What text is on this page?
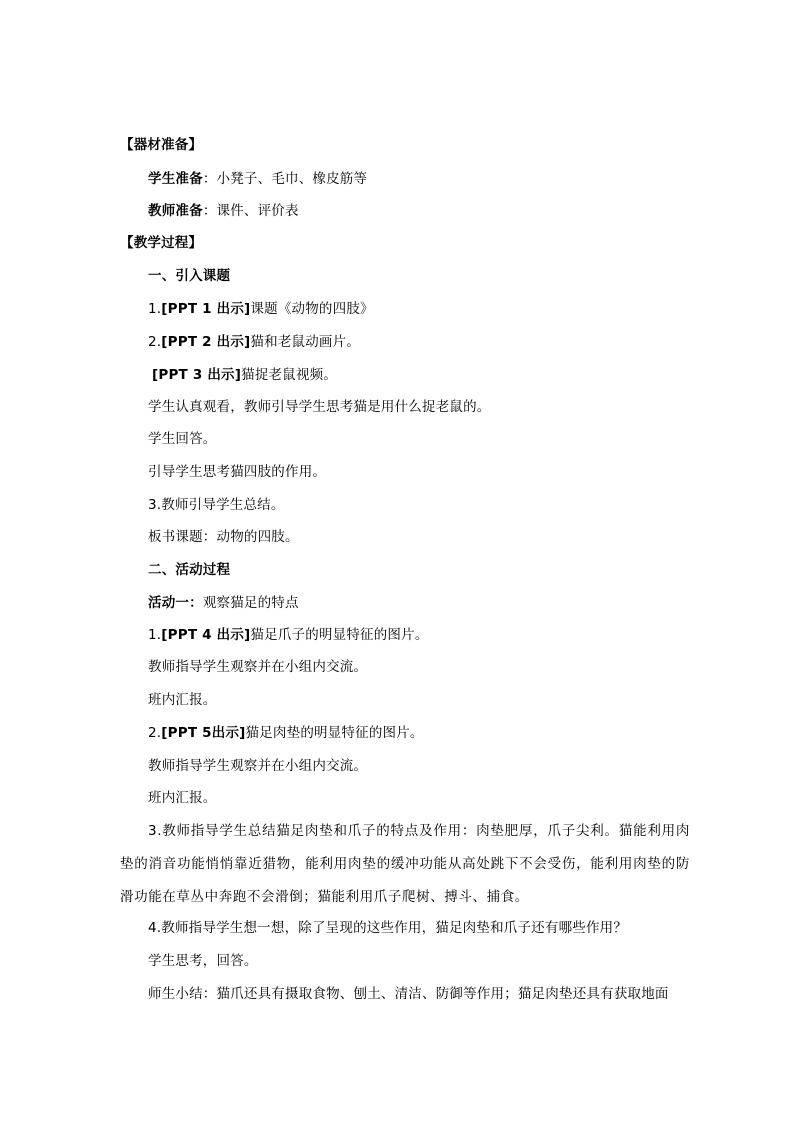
【器材准备】
学生准备：小凳子、毛巾、橡皮筋等
教师准备：课件、评价表
【教学过程】
一、引入课题
1.[PPT 1 出示]课题《动物的四肢》
2.[PPT 2 出示]猫和老鼠动画片。
[PPT 3 出示]猫捉老鼠视频。
学生认真观看，教师引导学生思考猫是用什么捉老鼠的。
学生回答。
引导学生思考猫四肢的作用。
3.教师引导学生总结。
板书课题：动物的四肢。
二、活动过程
活动一：观察猫足的特点
1.[PPT 4 出示]猫足爪子的明显特征的图片。
教师指导学生观察并在小组内交流。
班内汇报。
2.[PPT 5出示]猫足肉垫的明显特征的图片。
教师指导学生观察并在小组内交流。
班内汇报。
3.教师指导学生总结猫足肉垫和爪子的特点及作用：肉垫肥厚，爪子尖利。猫能利用肉垫的消音功能悄悄靠近猎物，能利用肉垫的缓冲功能从高处跳下不会受伤，能利用肉垫的防滑功能在草丛中奔跑不会滑倒；猫能利用爪子爬树、搏斗、捕食。
4.教师指导学生想一想，除了呈现的这些作用，猫足肉垫和爪子还有哪些作用？
学生思考，回答。
师生小结：猫爪还具有摄取食物、刨土、清洁、防御等作用；猫足肉垫还具有获取地面
